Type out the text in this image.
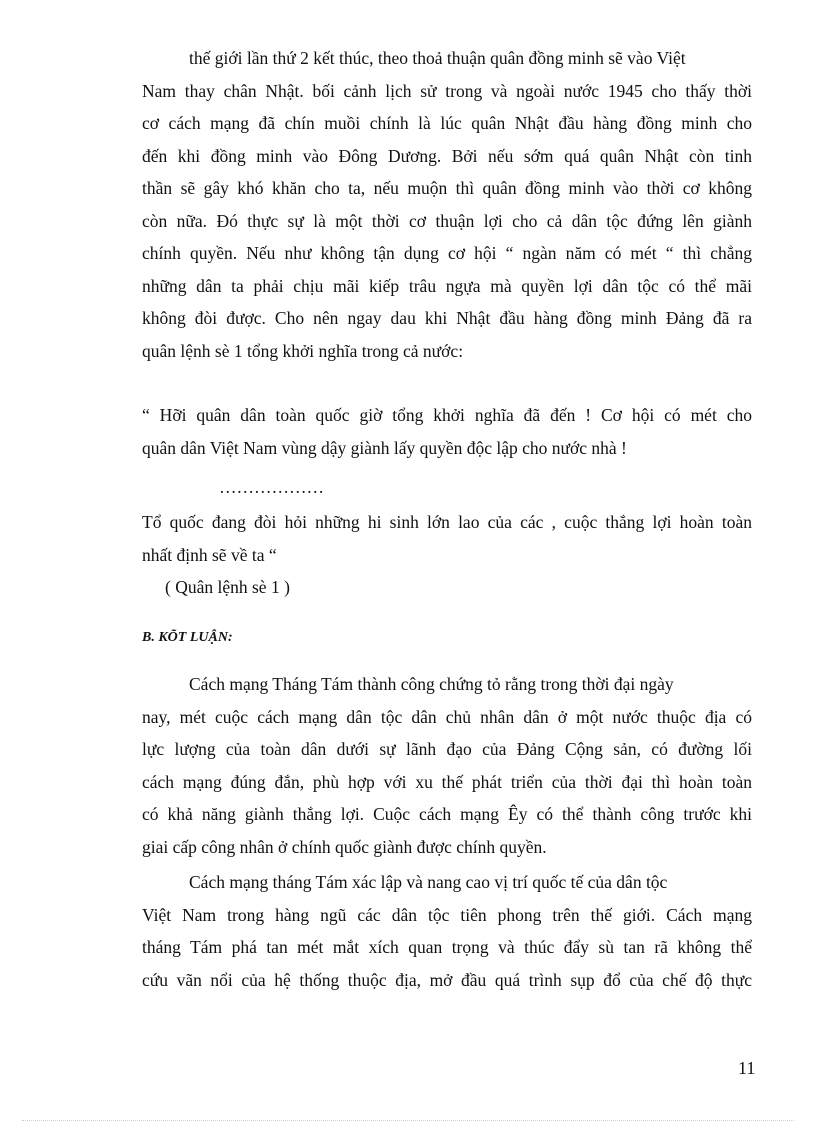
thế giới lần thứ 2 kết thúc, theo thoả thuận quân đồng minh sẽ vào Việt
Nam thay chân Nhật. bối cảnh lịch sử trong và ngoài nước 1945 cho thấy thời
cơ cách mạng đã chín muồi chính là lúc quân Nhật đầu hàng đồng minh cho
đến khi đồng minh vào Đông Dương. Bởi nếu sớm quá quân Nhật còn tinh
thần sẽ gây khó khăn cho ta, nếu muộn thì quân đồng minh vào thời cơ không
còn nữa. Đó thực sự là một thời cơ thuận lợi cho cả dân tộc đứng lên giành
chính quyền. Nếu như không tận dụng cơ hội “ ngàn năm có mét “ thì chẳng
những dân ta phải chịu mãi kiếp trâu ngựa mà quyền lợi dân tộc có thể mãi
không đòi được. Cho nên ngay dau khi Nhật đầu hàng đồng minh Đảng đã ra
quân lệnh sè 1 tổng khởi nghĩa trong cả nước:
“ Hỡi quân dân toàn quốc giờ tổng khởi nghĩa đã đến ! Cơ hội có mét cho
quân dân Việt Nam vùng dậy giành lấy quyền độc lập cho nước nhà !
………………
Tổ quốc đang đòi hỏi những hi sinh lớn lao của các , cuộc thắng lợi hoàn toàn
nhất định sẽ về ta “
( Quân lệnh sè 1 )
B. KÕT LUẬN:
Cách mạng Tháng Tám thành công chứng tỏ rằng trong thời đại ngày
nay, mét cuộc cách mạng dân tộc dân chủ nhân dân ở một nước thuộc địa có
lực lượng của toàn dân dưới sự lãnh đạo của Đảng Cộng sản, có đường lối
cách mạng đúng đắn, phù hợp với xu thế phát triển của thời đại thì hoàn toàn
có khả năng giành thắng lợi. Cuộc cách mạng Êy có thể thành công trước khi
giai cấp công nhân ở chính quốc giành được chính quyền.
Cách mạng tháng Tám xác lập và nang cao vị trí quốc tế của dân tộc
Việt Nam trong hàng ngũ các dân tộc tiên phong trên thế giới. Cách mạng
tháng Tám phá tan mét mắt xích quan trọng và thúc đẩy sù tan rã không thể
cứu vãn nổi của hệ thống thuộc địa, mở đầu quá trình sụp đổ của chế độ thực
11
